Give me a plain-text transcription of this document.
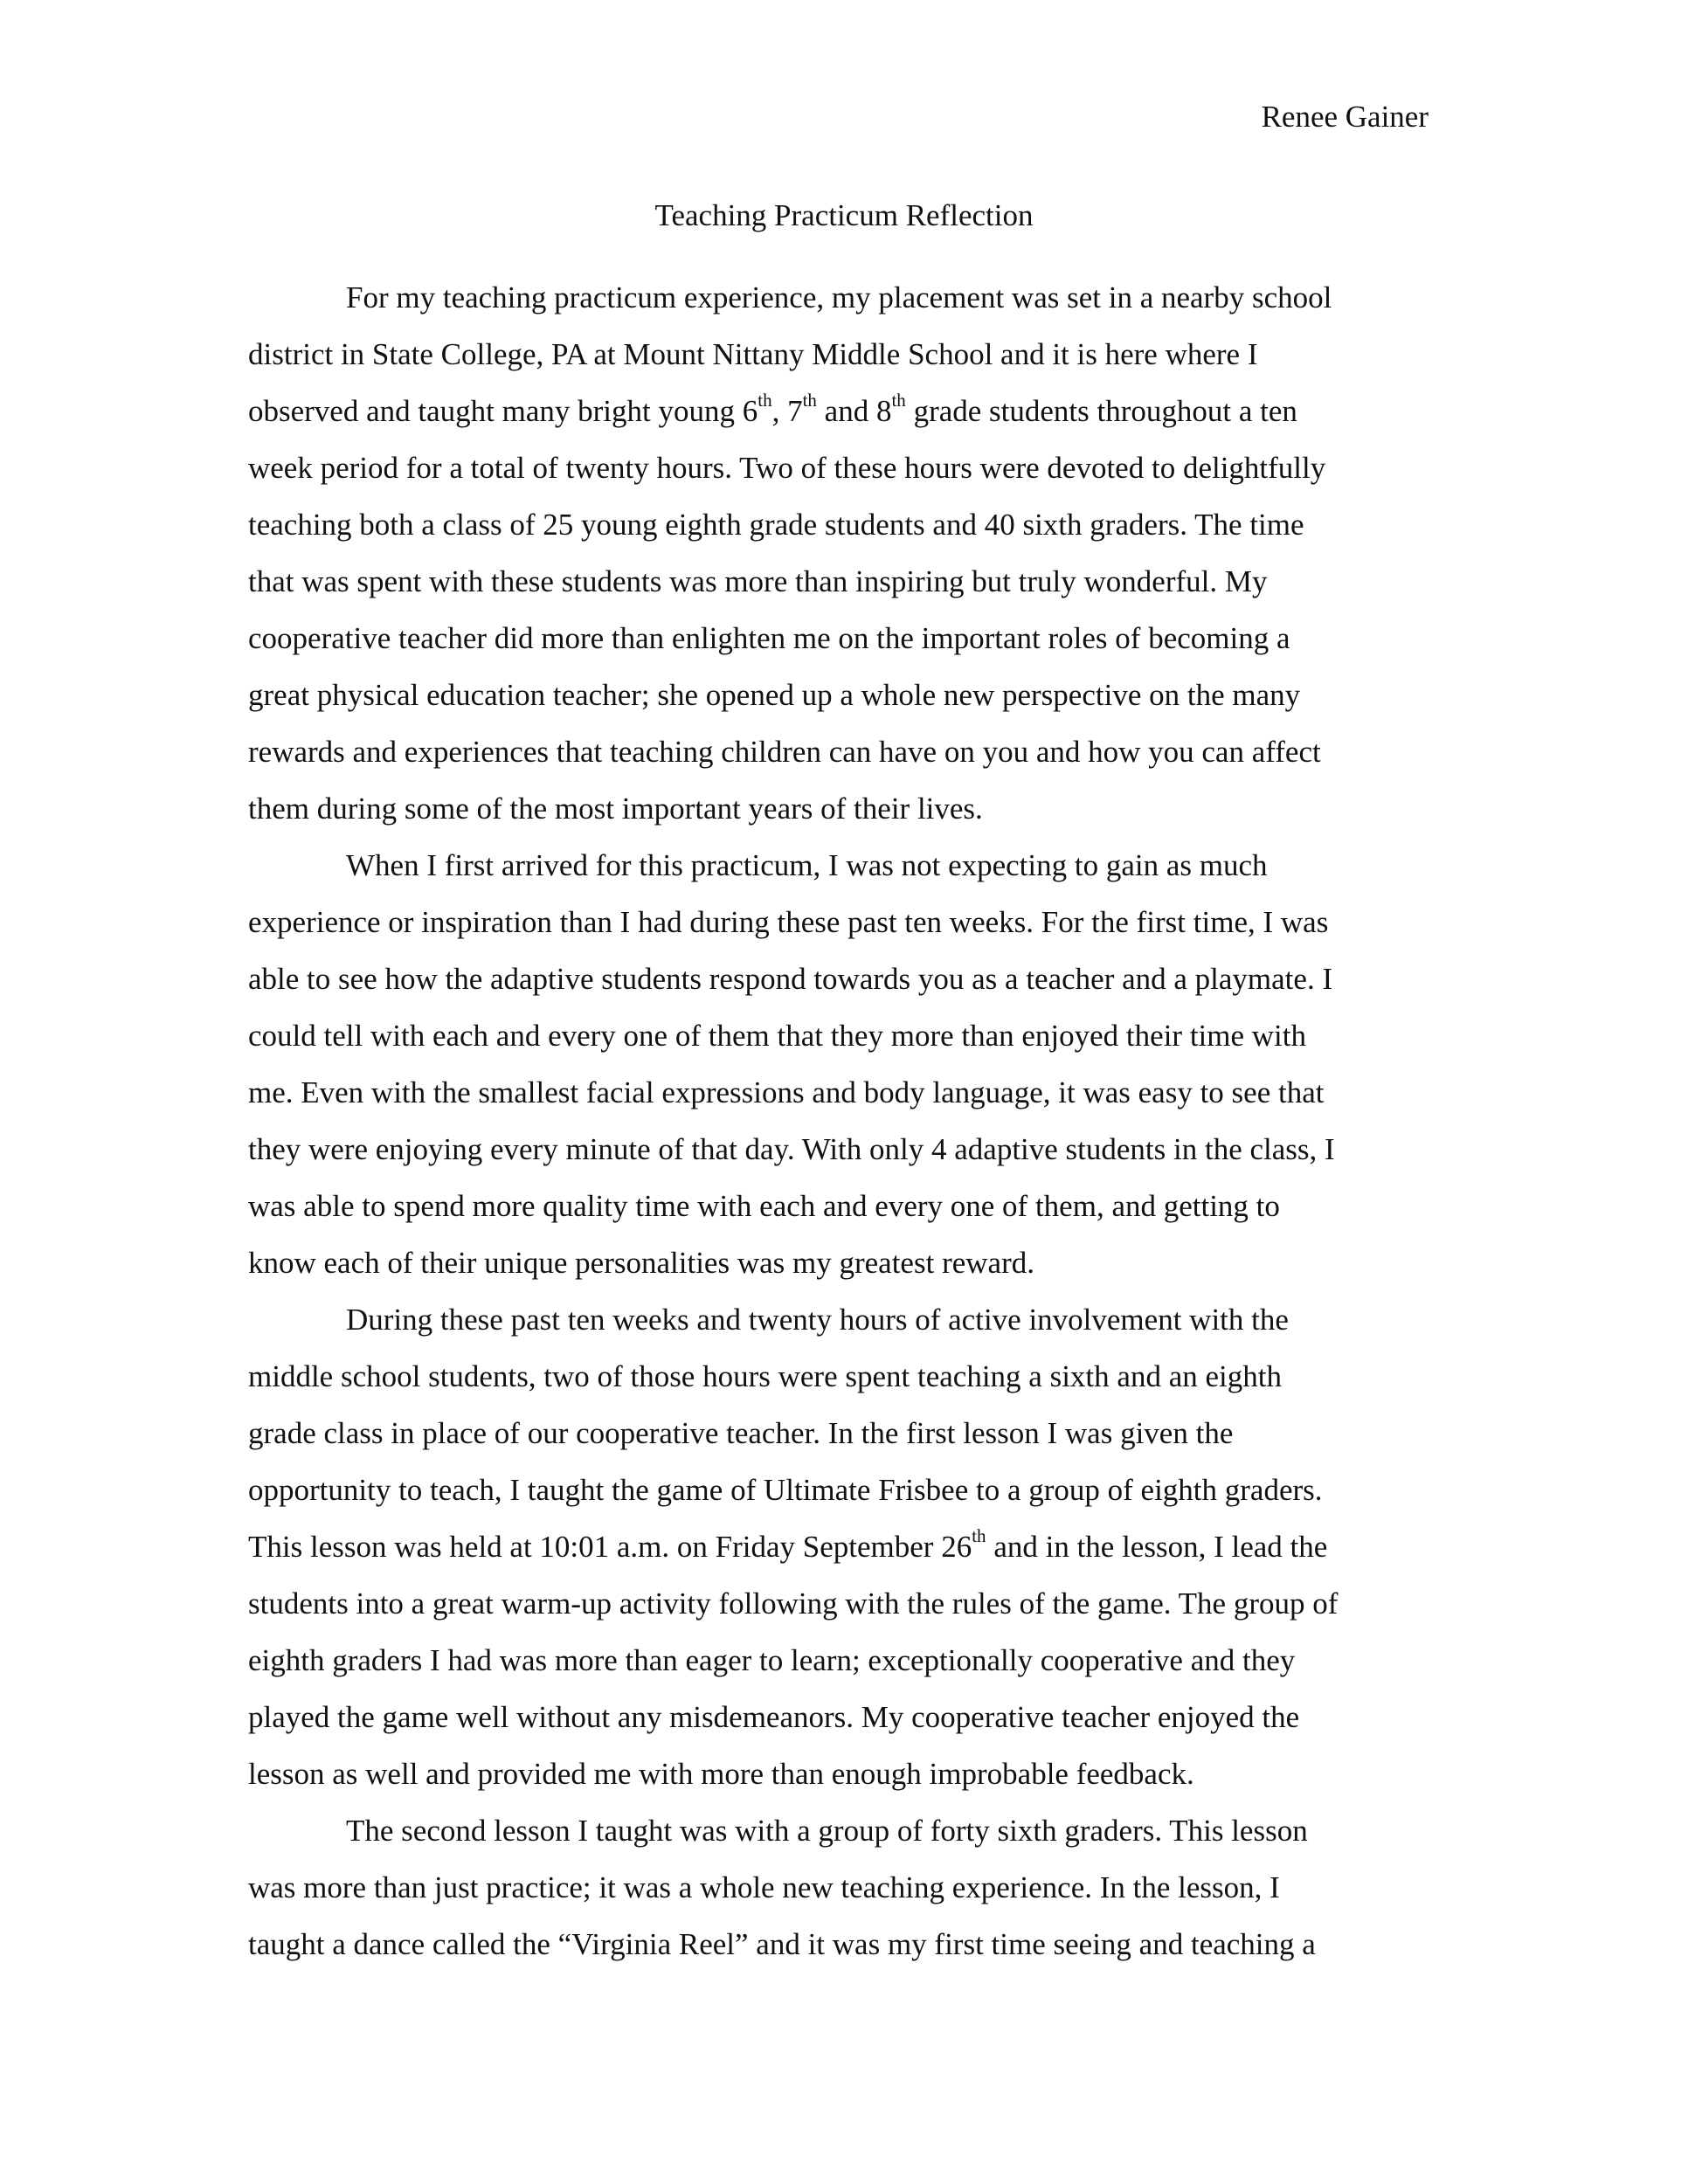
Renee Gainer
Teaching Practicum Reflection
For my teaching practicum experience, my placement was set in a nearby school
district in State College, PA at Mount Nittany Middle School and it is here where I
observed and taught many bright young 6th, 7th and 8th grade students throughout a ten
week period for a total of twenty hours. Two of these hours were devoted to delightfully
teaching both a class of 25 young eighth grade students and 40 sixth graders. The time
that was spent with these students was more than inspiring but truly wonderful. My
cooperative teacher did more than enlighten me on the important roles of becoming a
great physical education teacher; she opened up a whole new perspective on the many
rewards and experiences that teaching children can have on you and how you can affect
them during some of the most important years of their lives.
When I first arrived for this practicum, I was not expecting to gain as much
experience or inspiration than I had during these past ten weeks. For the first time, I was
able to see how the adaptive students respond towards you as a teacher and a playmate. I
could tell with each and every one of them that they more than enjoyed their time with
me. Even with the smallest facial expressions and body language, it was easy to see that
they were enjoying every minute of that day. With only 4 adaptive students in the class, I
was able to spend more quality time with each and every one of them, and getting to
know each of their unique personalities was my greatest reward.
During these past ten weeks and twenty hours of active involvement with the
middle school students, two of those hours were spent teaching a sixth and an eighth
grade class in place of our cooperative teacher. In the first lesson I was given the
opportunity to teach, I taught the game of Ultimate Frisbee to a group of eighth graders.
This lesson was held at 10:01 a.m. on Friday September 26th and in the lesson, I lead the
students into a great warm-up activity following with the rules of the game. The group of
eighth graders I had was more than eager to learn; exceptionally cooperative and they
played the game well without any misdemeanors. My cooperative teacher enjoyed the
lesson as well and provided me with more than enough improbable feedback.
The second lesson I taught was with a group of forty sixth graders. This lesson
was more than just practice; it was a whole new teaching experience. In the lesson, I
taught a dance called the “Virginia Reel” and it was my first time seeing and teaching a
